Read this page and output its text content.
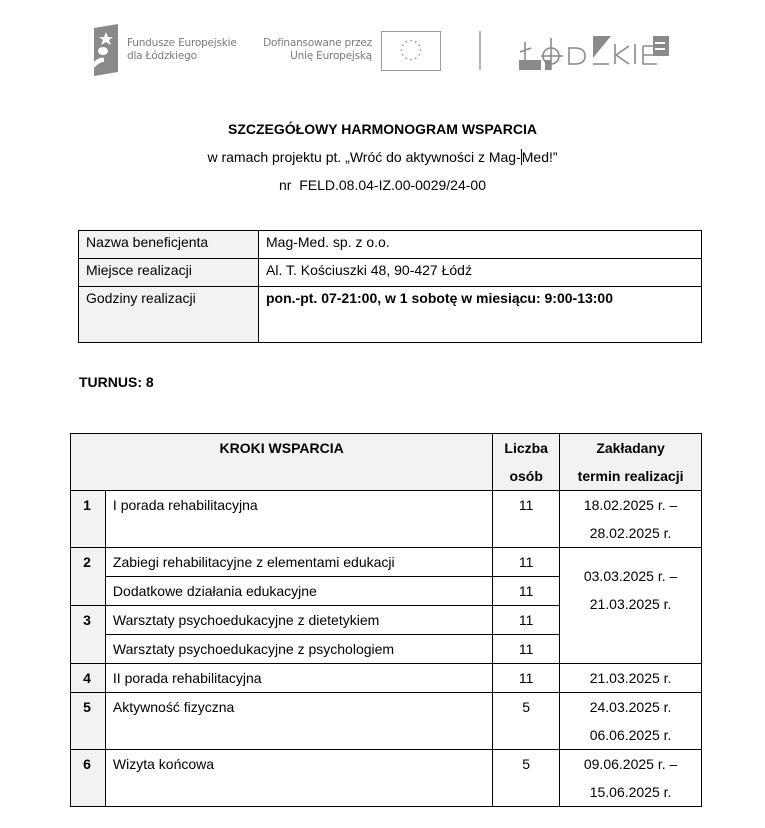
Fundusze Europejskie
dla Łódzkiego
Dofinansowane przez
Unię Europejską
SZCZEGÓŁOWY HARMONOGRAM WSPARCIA
w ramach projektu pt. „Wróć do aktywności z Mag-Med!”
nr  FELD.08.04-IZ.00-0029/24-00
Nazwa beneficjenta	Mag-Med. sp. z o.o.
Miejsce realizacji	Al. T. Kościuszki 48, 90-427 Łódź
Godziny realizacji	pon.-pt. 07-21:00, w 1 sobotę w miesiącu: 9:00-13:00
TURNUS: 8
KROKI WSPARCIA	Liczba
osób

Zakładany
termin realizacji

1	I porada rehabilitacyjna	11	18.02.2025 r. –
28.02.2025 r.

2	Zabiegi rehabilitacyjne z elementami edukacji	11	03.03.2025 r. –
21.03.2025 r.

	Dodatkowe działania edukacyjne	11	
3	Warsztaty psychoedukacyjne z dietetykiem	11	
	Warsztaty psychoedukacyjne z psychologiem	11	
4	II porada rehabilitacyjna	11	21.03.2025 r.
5	Aktywność fizyczna	5	24.03.2025 r.
06.06.2025 r.

6	Wizyta końcowa	5	09.06.2025 r. –
15.06.2025 r.
